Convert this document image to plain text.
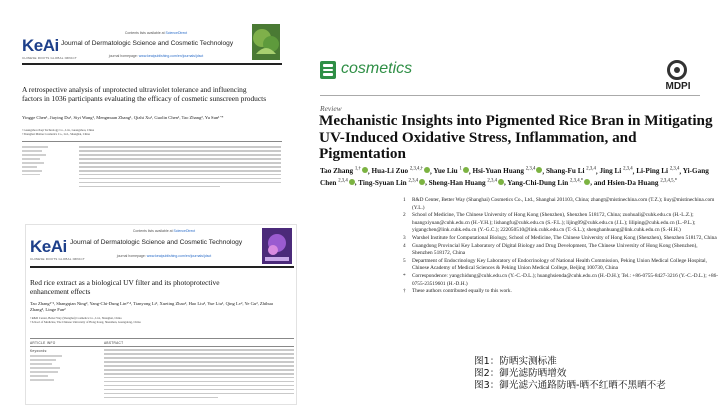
KeAi
CHINESE ROOTS GLOBAL IMPACT
Contents lists available at ScienceDirect
Journal of Dermatologic Science and Cosmetic Technology
journal homepage: www.keaipublishing.com/en/journals/jdsct
A retrospective analysis of unprotected ultraviolet tolerance and influencing factors in 1036 participants evaluating the efficacy of cosmetic sunscreen products
Yingge Chen¹, Jiaying Du¹, Siyi Wang¹, Mengmuan Zhang¹, Qizhi Xu¹, Guolin Chen¹, Tao Zhang², Yu Sun¹’*
¹ Guangzhou Jiaqi Technology Co., Ltd., Guangzhou, China
² Shanghai Mstine Cosmetics Co., Ltd., Shanghai, China
KeAi
CHINESE ROOTS GLOBAL IMPACT
Contents lists available at ScienceDirect
Journal of Dermatologic Science and Cosmetic Technology
journal homepage: www.keaipublishing.com/en/journals/jdsct
Red rice extract as a biological UV filter and its photoprotective enhancement effects
Tao Zhang¹’², Shangqian Ning², Yang-Chi-Dung Lin³’⁴, Tianyong Li³, Xueting Zhao², Hao Liu², Yue Liu¹, Qing Lv², Ye Gu², Zhihua Zhang², Linge Fan²
¹ R&D Center, Better Way (Shanghai) Cosmetics Co., Ltd., Shanghai, China
² School of Medicine, The Chinese University of Hong Kong, Shenzhen, Guangdong, China
ARTICLE INFO	ABSTRACT
Keywords:
cosmetics
MDPI
Review
Mechanistic Insights into Pigmented Rice Bran in Mitigating UV-Induced Oxidative Stress, Inflammation, and Pigmentation
Tao Zhang $^{1,\dagger}$ , Hua-Li Zuo $^{2,3,4,\dagger}$ , Yue Liu $^1$ , Hsi-Yuan Huang $^{2,3,4}$ , Shang-Fu Li $^{2,3,4}$, Jing Li $^{2,3,4}$, Li-Ping Li $^{2,3,4}$, Yi-Gang Chen $^{2,3,4}$ , Ting-Syuan Lin $^{2,3,4}$ , Sheng-Han Huang $^{2,3,4}$ , Yang-Chi-Dung Lin $^{2,3,4,*}$ , and Hsien-Da Huang $^{2,3,4,5,*}$
1	R&D Center, Better Way (Shanghai) Cosmetics Co., Ltd., Shanghai 201103, China; zhangt@mistinechina.com (T.Z.); liuy@mistinechina.com (Y.L.)
2	School of Medicine, The Chinese University of Hong Kong (Shenzhen), Shenzhen 518172, China; zuohuali@cuhk.edu.cn (H.-L.Z.); huangxiyuan@cuhk.edu.cn (H.-Y.H.); lishangfu@cuhk.edu.cn (S.-F.L.); lijing09@cuhk.edu.cn (J.L.); liliping@cuhk.edu.cn (L.-P.L.); yigangchen@link.cuhk.edu.cn (Y.-G.C.); 222050510@link.cuhk.edu.cn (T.-S.L.); shenghanhuang@link.cuhk.edu.cn (S.-H.H.)
3	Warshel Institute for Computational Biology, School of Medicine, The Chinese University of Hong Kong (Shenzhen), Shenzhen 518172, China
4	Guangdong Provincial Key Laboratory of Digital Biology and Drug Development, The Chinese University of Hong Kong (Shenzhen), Shenzhen 518172, China
5	Department of Endocrinology Key Laboratory of Endocrinology of National Health Commission, Peking Union Medical College Hospital, Chinese Academy of Medical Sciences & Peking Union Medical College, Beijing 100730, China
*	Correspondence: yangchidung@cuhk.edu.cn (Y.-C.-D.L.); huanghsienda@cuhk.edu.cn (H.-D.H.); Tel.: +86-0755-8427-3216 (Y.-C.-D.L.); +86-0755-23519601 (H.-D.H.)
†	These authors contributed equally to this work.
图1：防晒实测标准
图2：御光滤防晒增效
图3：御光滤六通路防晒-晒不红晒不黑晒不老
